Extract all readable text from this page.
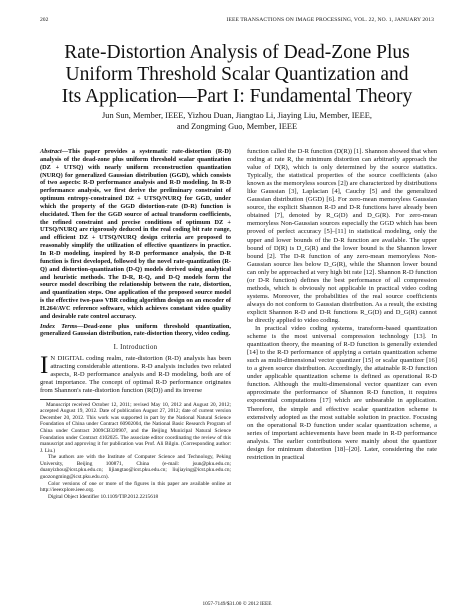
202	IEEE TRANSACTIONS ON IMAGE PROCESSING, VOL. 22, NO. 1, JANUARY 2013
Rate-Distortion Analysis of Dead-Zone Plus
Uniform Threshold Scalar Quantization and
Its Application—Part I: Fundamental Theory
Jun Sun, Member, IEEE, Yizhou Duan, Jiangtao Li, Jiaying Liu, Member, IEEE,
and Zongming Guo, Member, IEEE
Abstract—This paper provides a systematic rate-distortion (R-D) analysis of the dead-zone plus uniform threshold scalar quantization (DZ + UTSQ) with nearly uniform reconstruction quantization (NURQ) for generalized Gaussian distribution (GGD), which consists of two aspects: R-D performance analysis and R-D modeling. In R-D performance analysis, we first derive the preliminary constraint of optimum entropy-constrained DZ + UTSQ/NURQ for GGD, under which the property of the GGD distortion-rate (D-R) function is elucidated. Then for the GGD source of actual transform coefficients, the refined constraint and precise conditions of optimum DZ + UTSQ/NURQ are rigorously deduced in the real coding bit rate range, and efficient DZ + UTSQ/NURQ design criteria are proposed to reasonably simplify the utilization of effective quantizers in practice. In R-D modeling, inspired by R-D performance analysis, the D-R function is first developed, followed by the novel rate-quantization (R-Q) and distortion-quantization (D-Q) models derived using analytical and heuristic methods. The D-R, R-Q, and D-Q models form the source model describing the relationship between the rate, distortion, and quantization steps. One application of the proposed source model is the effective two-pass VBR coding algorithm design on an encoder of H.264/AVC reference software, which achieves constant video quality and desirable rate control accuracy.
Index Terms—Dead-zone plus uniform threshold quantization, generalized Gaussian distribution, rate-distortion theory, video coding.
I. Introduction
I N DIGITAL coding realm, rate-distortion (R-D) analysis has been attracting considerable attentions. R-D analysis includes two related aspects, R-D performance analysis and R-D modeling, both are of great importance. The concept of optimal R-D performance originates from Shannon's rate-distortion function (R(D)) and its inverse

Manuscript received October 12, 2011; revised May 10, 2012 and August 20, 2012; accepted August 19, 2012. Date of publication August 27, 2012; date of current version December 20, 2012. This work was supported in part by the National Natural Science Foundation of China under Contract 60902004, the National Basic Research Program of China under Contract 2009CB320907, and the Beijing Municipal Natural Science Foundation under Contract 4102025. The associate editor coordinating the review of this manuscript and approving it for publication was Prof. Ali Bilgin. (Corresponding author: J. Liu.)

The authors are with the Institute of Computer Science and Technology, Peking University, Beijing 100871, China (e-mail: jsun@pku.edu.cn; duanyizhou@icst.pku.edu.cn; lijiangtao@icst.pku.edu.cn; liujiaying@icst.pku.edu.cn; guozongming@icst.pku.edu.cn).

Color versions of one or more of the figures in this paper are available online at http://ieeexplore.ieee.org.

Digital Object Identifier 10.1109/TIP.2012.2215618

function called the D-R function (D(R)) [1]. Shannon showed that when coding at rate R, the minimum distortion can arbitrarily approach the value of D(R), which is only determined by the source statistics. Typically, the statistical properties of the source coefficients (also known as the memoryless sources [2]) are characterized by distributions like Gaussian [3], Laplacian [4], Cauchy [5] and the generalized Gaussian distribution (GGD) [6]. For zero-mean memoryless Gaussian source, the explicit Shannon R-D and D-R functions have already been obtained [7], denoted by R_G(D) and D_G(R). For zero-mean memoryless Non-Gaussian sources especially the GGD which has been proved of perfect accuracy [5]–[11] in statistical modeling, only the upper and lower bounds of the D-R function are available. The upper bound of D(R) is D_G(R) and the lower bound is the Shannon lower bound [2]. The D-R function of any zero-mean memoryless Non-Gaussian source lies below D_G(R), while the Shannon lower bound can only be approached at very high bit rate [12]. Shannon R-D function (or D-R function) defines the best performance of all compression methods, which is obviously not applicable in practical video coding systems. Moreover, the probabilities of the real source coefficients always do not conform to Gaussian distribution. As a result, the existing explicit Shannon R-D and D-R functions R_G(D) and D_G(R) cannot be directly applied to video coding.

In practical video coding systems, transform-based quantization scheme is the most universal compression technology [13]. In quantization theory, the meaning of R-D function is generally extended [14] to the R-D performance of applying a certain quantization scheme such as multi-dimensional vector quantizer [15] or scalar quantizer [16] to a given source distribution. Accordingly, the attainable R-D function under applicable quantization scheme is defined as operational R-D function. Although the multi-dimensional vector quantizer can even approximate the performance of Shannon R-D function, it requires exponential computations [17] which are unbearable in application. Therefore, the simple and effective scalar quantization scheme is extensively adopted as the most suitable solution in practice. Focusing on the operational R-D function under scalar quantization scheme, a series of important achievements have been made in R-D performance analysis. The earlier contributions were mainly about the quantizer design for minimum distortion [18]–[20]. Later, considering the rate restriction in practical

1057-7149/$31.00 © 2012 IEEE
